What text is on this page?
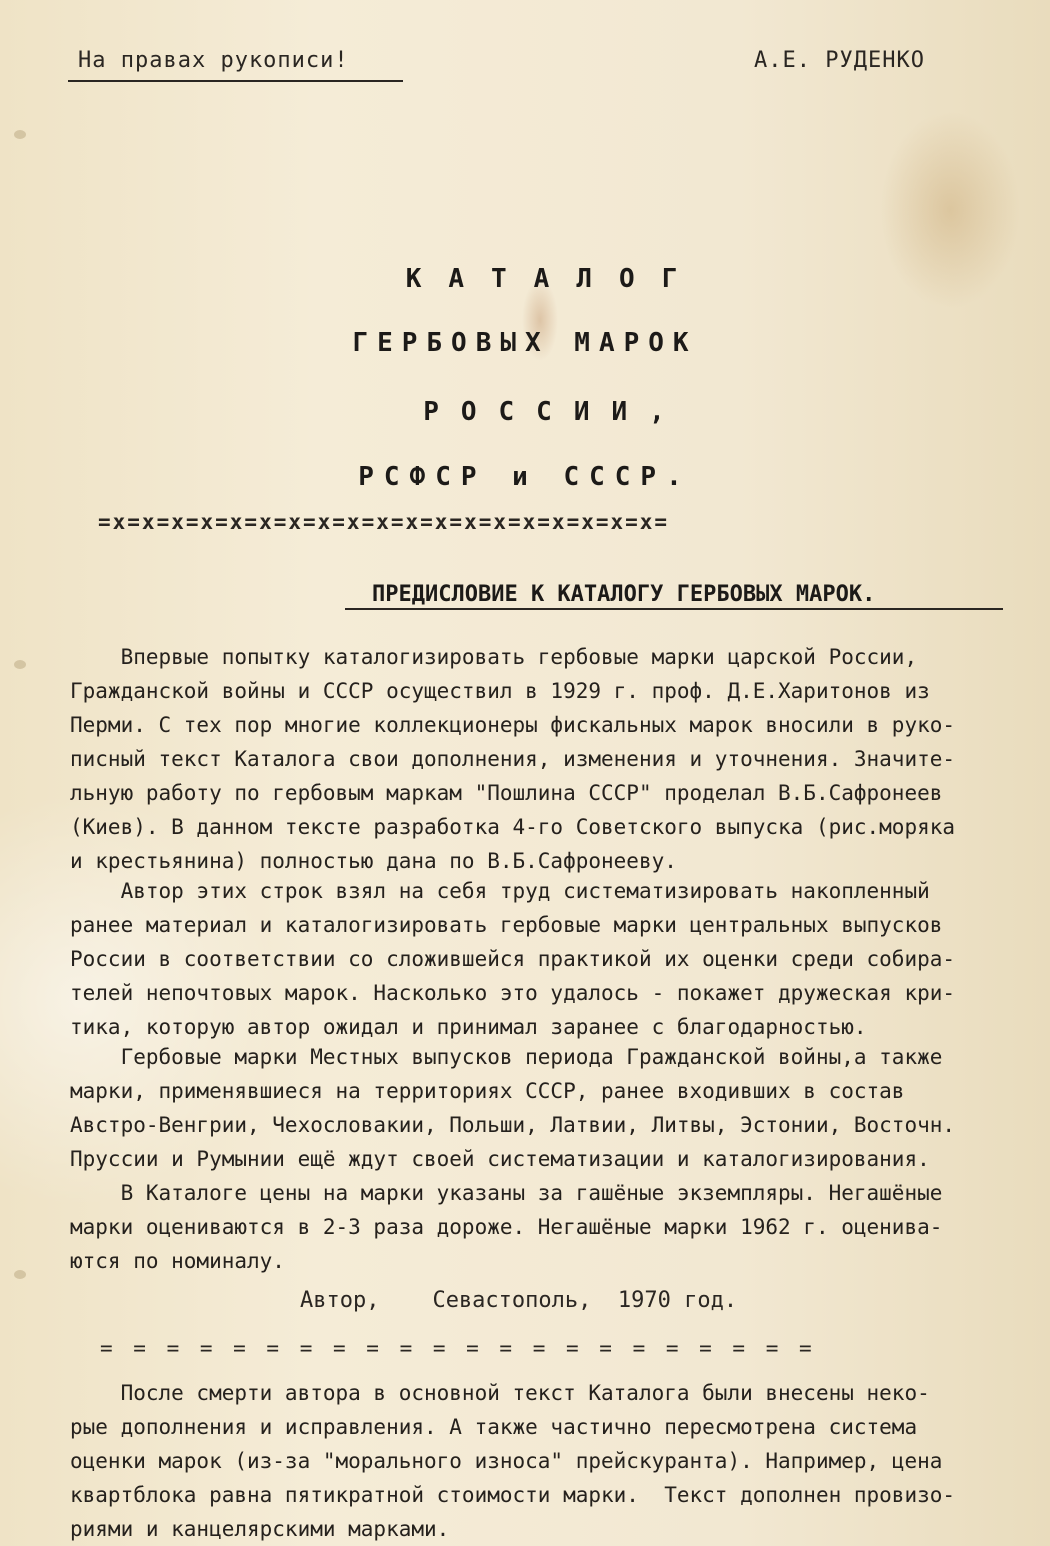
На правах рукописи!	А.Е. РУДЕНКО
КАТАЛОГ
ГЕРБОВЫХ МАРОК
РОССИИ,
РСФСР и СССР.
=x=x=x=x=x=x=x=x=x=x=x=x=x=x=x=x=x=x=x=
ПРЕДИСЛОВИЕ К КАТАЛОГУ ГЕРБОВЫХ МАРОК.
Впервые попытку каталогизировать гербовые марки царской России,
Гражданской войны и СССР осуществил в 1929 г. проф. Д.Е.Харитонов из
Перми. С тех пор многие коллекционеры фискальных марок вносили в руко-
писный текст Каталога свои дополнения, изменения и уточнения. Значите-
льную работу по гербовым маркам "Пошлина СССР" проделал В.Б.Сафронеев
(Киев). В данном тексте разработка 4-го Советского выпуска (рис.моряка
и крестьянина) полностью дана по В.Б.Сафронееву.
Автор этих строк взял на себя труд систематизировать накопленный
ранее материал и каталогизировать гербовые марки центральных выпусков
России в соответствии со сложившейся практикой их оценки среди собира-
телей непочтовых марок. Насколько это удалось - покажет дружеская кри-
тика, которую автор ожидал и принимал заранее с благодарностью.
Гербовые марки Местных выпусков периода Гражданской войны,а также
марки, применявшиеся на территориях СССР, ранее входивших в состав
Австро-Венгрии, Чехословакии, Польши, Латвии, Литвы, Эстонии, Восточн.
Пруссии и Румынии ещё ждут своей систематизации и каталогизирования.
В Каталоге цены на марки указаны за гашёные экземпляры. Негашёные
марки оцениваются в 2-3 раза дороже. Негашёные марки 1962 г. оценива-
ются по номиналу.
Автор,    Севастополь,  1970 год.
= = = = = = = = = = = = = = = = = = = = = =
После смерти автора в основной текст Каталога были внесены неко-
рые дополнения и исправления. А также частично пересмотрена система
оценки марок (из-за "морального износа" прейскуранта). Например, цена
квартблока равна пятикратной стоимости марки.  Текст дополнен провизо-
риями и канцелярскими марками.
